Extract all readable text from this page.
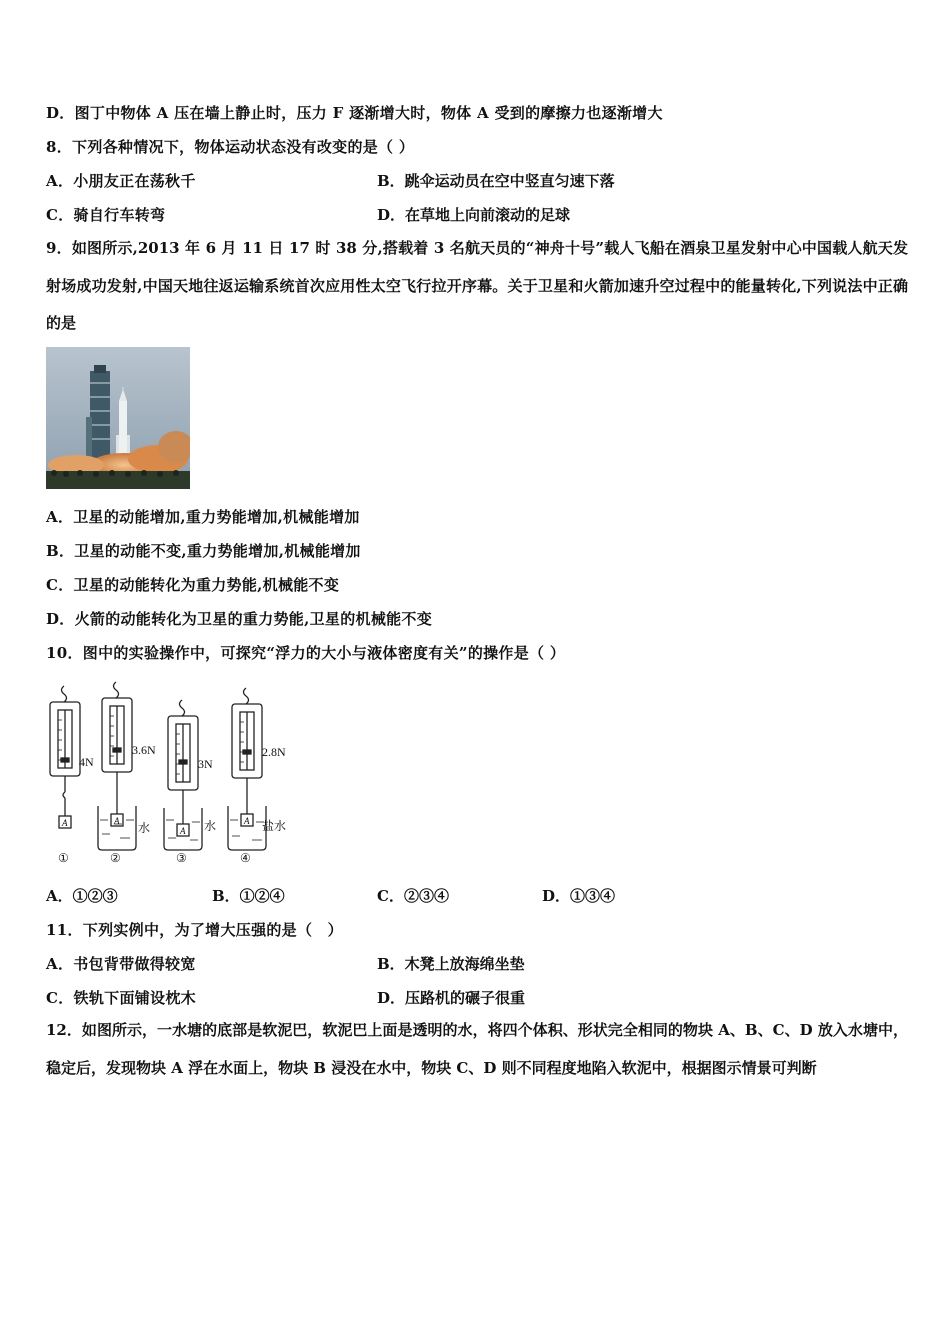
D．图丁中物体 A 压在墙上静止时，压力 F 逐渐增大时，物体 A 受到的摩擦力也逐渐增大
8．下列各种情况下，物体运动状态没有改变的是（ ）
A．小朋友正在荡秋千	B．跳伞运动员在空中竖直匀速下落
C．骑自行车转弯	D．在草地上向前滚动的足球
9．如图所示,2013 年 6 月 11 日 17 时 38 分,搭载着 3 名航天员的“神舟十号”载人飞船在酒泉卫星发射中心中国载人航天发射场成功发射,中国天地往返运输系统首次应用性太空飞行拉开序幕。关于卫星和火箭加速升空过程中的能量转化,下列说法中正确的是
A．卫星的动能增加,重力势能增加,机械能增加
B．卫星的动能不变,重力势能增加,机械能增加
C．卫星的动能转化为重力势能,机械能不变
D．火箭的动能转化为卫星的重力势能,卫星的机械能不变
10．图中的实验操作中，可探究“浮力的大小与液体密度有关”的操作是（ ）
4N
3.6N
3N
2.8N
A	A
A
A
水	水	盐水
①	②	③	④
A．①②③	B．①②④	C．②③④	D．①③④
11．下列实例中，为了增大压强的是（　）
A．书包背带做得较宽	B．木凳上放海绵坐垫
C．铁轨下面铺设枕木	D．压路机的碾子很重
12．如图所示，一水塘的底部是软泥巴，软泥巴上面是透明的水，将四个体积、形状完全相同的物块 A、B、C、D 放入水塘中，稳定后，发现物块 A 浮在水面上，物块 B 浸没在水中，物块 C、D 则不同程度地陷入软泥中，根据图示情景可判断
